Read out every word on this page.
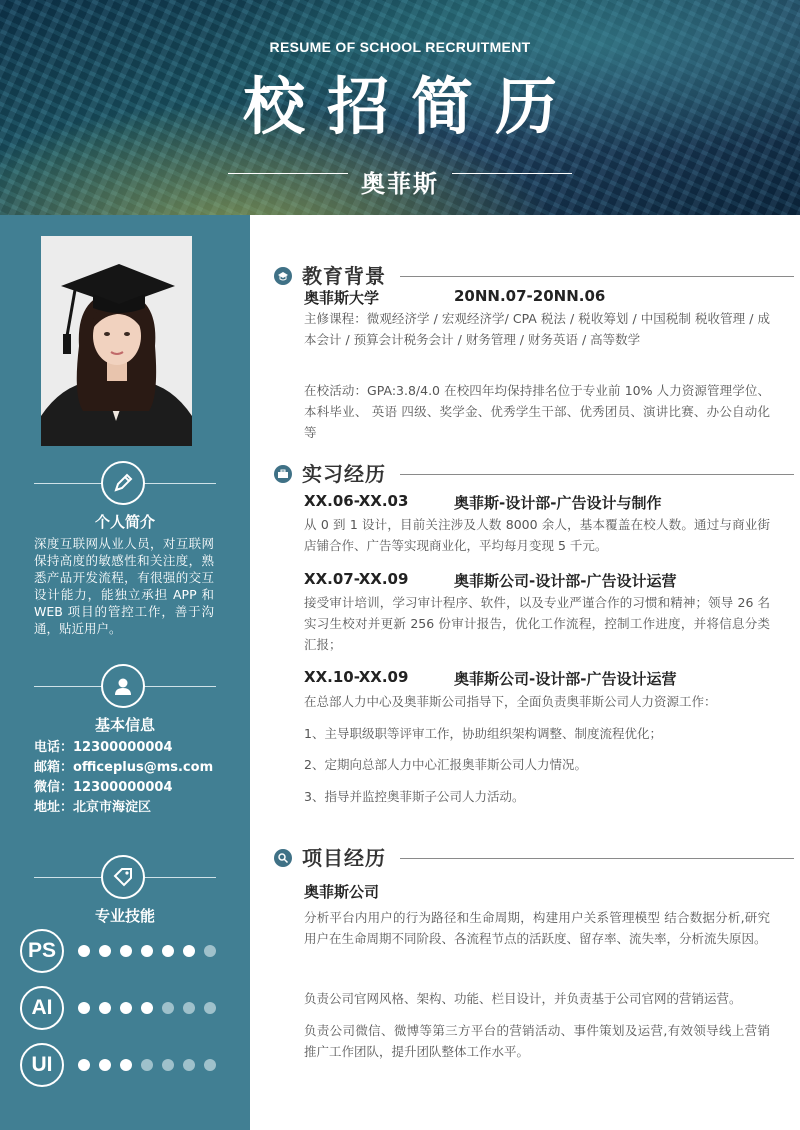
RESUME OF SCHOOL RECRUITMENT
校招简历
奥菲斯
个人简介
深度互联网从业人员，对互联网保持高度的敏感性和关注度，熟悉产品开发流程，有很强的交互设计能力，能独立承担 APP 和 WEB 项目的管控工作，善于沟通，贴近用户。
基本信息
电话：12300000004
邮箱：officeplus@ms.com
微信：12300000004
地址：北京市海淀区
专业技能
PS
AI
UI
教育背景
奥菲斯大学	20NN.07-20NN.06
主修课程：微观经济学 / 宏观经济学/ CPA 税法 / 税收筹划 / 中国税制 税收管理 / 成本会计 / 预算会计税务会计 / 财务管理 / 财务英语 / 高等数学
在校活动：GPA:3.8/4.0 在校四年均保持排名位于专业前 10% 人力资源管理学位、本科毕业、 英语 四级、奖学金、优秀学生干部、优秀团员、演讲比赛、办公自动化等
实习经历
XX.06-XX.03	奥菲斯-设计部-广告设计与制作
从 0 到 1 设计，目前关注涉及人数 8000 余人，基本覆盖在校人数。通过与商业街店铺合作、广告等实现商业化，平均每月变现 5 千元。
XX.07-XX.09	奥菲斯公司-设计部-广告设计运营
接受审计培训，学习审计程序、软件，以及专业严谨合作的习惯和精神；领导 26 名实习生校对并更新 256 份审计报告，优化工作流程，控制工作进度，并将信息分类汇报；
XX.10-XX.09	奥菲斯公司-设计部-广告设计运营
在总部人力中心及奥菲斯公司指导下，全面负责奥菲斯公司人力资源工作：
1、主导职级职等评审工作，协助组织架构调整、制度流程优化；
2、定期向总部人力中心汇报奥菲斯公司人力情况。
3、指导并监控奥菲斯子公司人力活动。
项目经历
奥菲斯公司
分析平台内用户的行为路径和生命周期，构建用户关系管理模型 结合数据分析,研究用户在生命周期不同阶段、各流程节点的活跃度、留存率、流失率，分析流失原因。
负责公司官网风格、架构、功能、栏目设计，并负责基于公司官网的营销运营。
负责公司微信、微博等第三方平台的营销活动、事件策划及运营,有效领导线上营销推广工作团队，提升团队整体工作水平。
